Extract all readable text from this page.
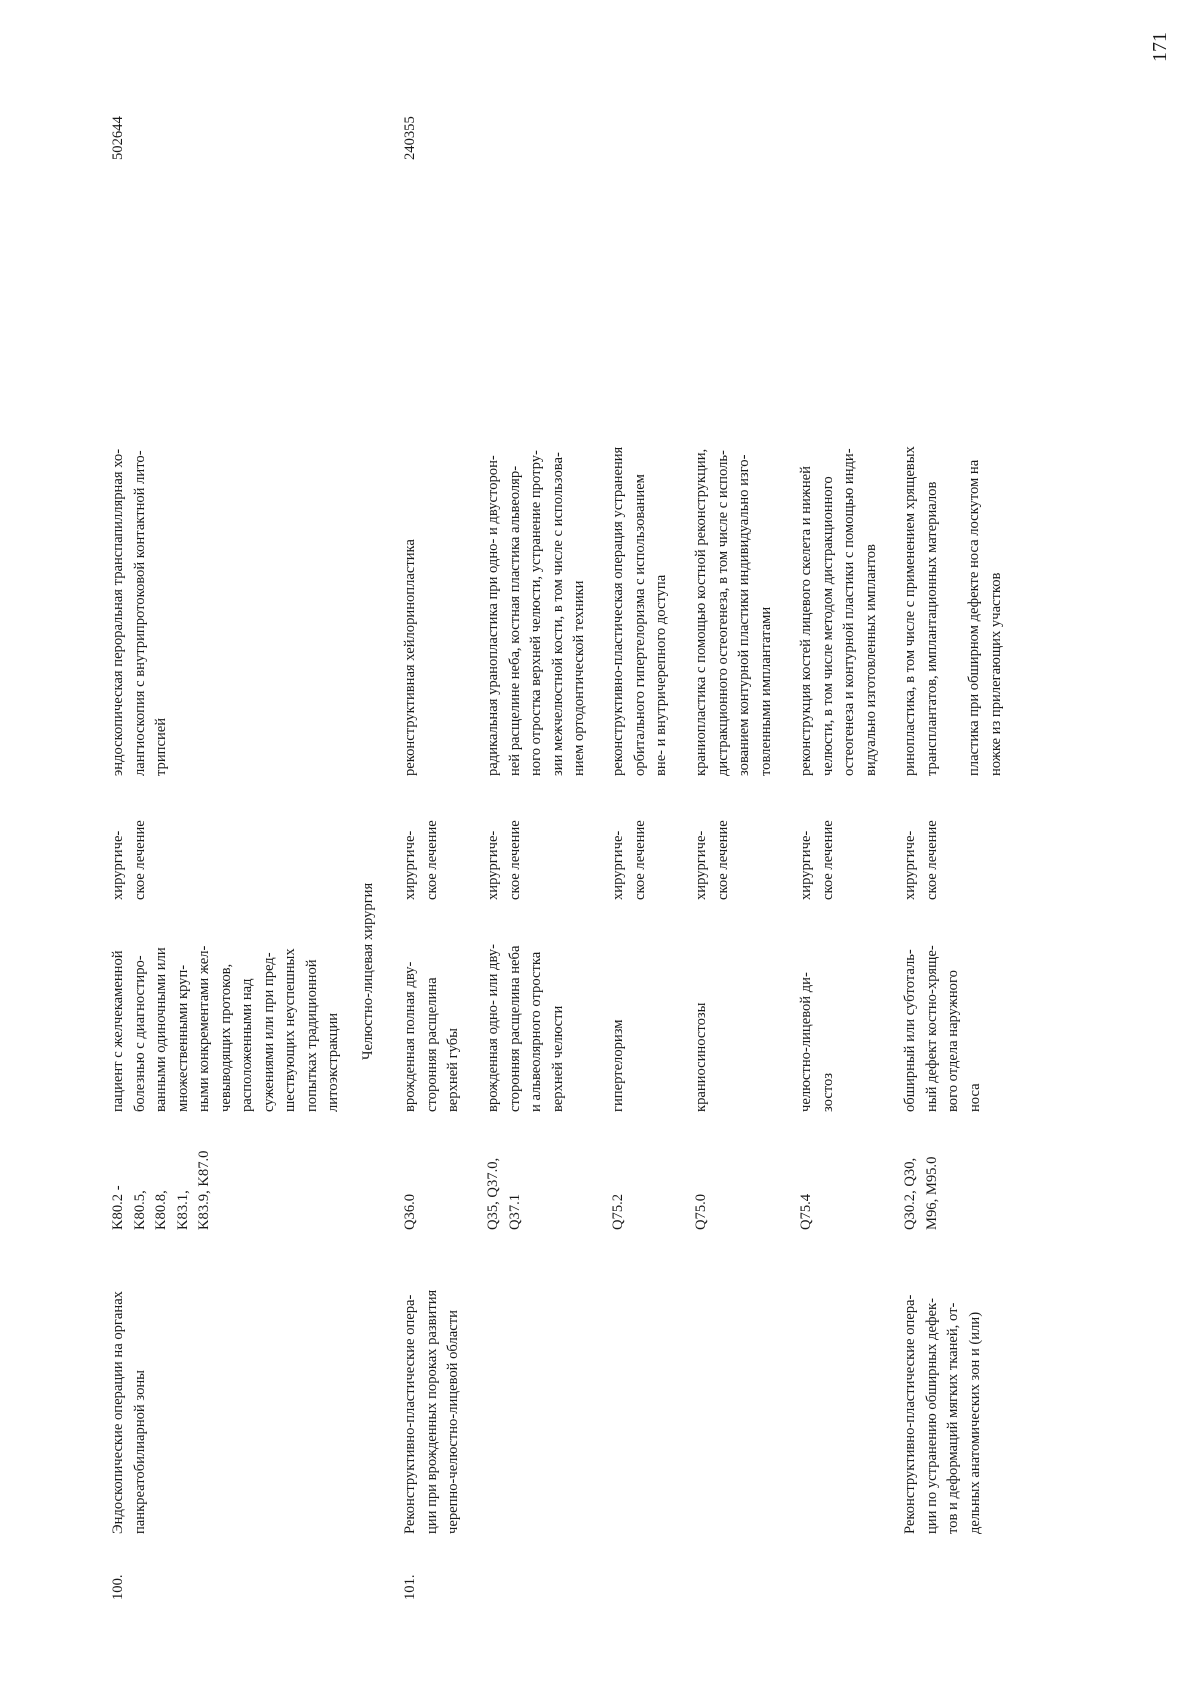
171
100.
Эндоскопические операции на органах панкреатобилиарной зоны
K80.2 - K80.5, K80.8, K83.1, K83.9, K87.0
пациент с желчекаменной болезнью с диагностиро- ванными одиночными или множественными круп- ными конкрементами жел- чевыводящих протоков, расположенными над сужениями или при пред- шествующих неуспешных попытках традиционной литоэкстракции
хирургиче- ское лечение
эндоскопическая пероральная транспапиллярная хо- лангиоскопия с внутрипротоковой контактной лито- трипсией
502644
Челюстно-лицевая хирургия
101.
Реконструктивно-пластические опера- ции при врожденных пороках развития черепно-челюстно-лицевой области
Q36.0
врожденная полная дву- сторонняя расщелина верхней губы
хирургиче- ское лечение
реконструктивная хейлоринопластика
240355
Q35, Q37.0, Q37.1
врожденная одно- или дву- сторонняя расщелина неба и альвеолярного отростка верхней челюсти
хирургиче- ское лечение
радикальная уранопластика при одно- и двусторон- ней расщелине неба, костная пластика альвеоляр- ного отростка верхней челюсти, устранение протру- зии межчелюстной кости, в том числе с использова- нием ортодонтической техники
Q75.2
гипертелоризм
хирургиче- ское лечение
реконструктивно-пластическая операция устранения орбитального гипертелоризма с использованием вне- и внутричерепного доступа
Q75.0
краниосиностозы
хирургиче- ское лечение
краниопластика с помощью костной реконструкции, дистракционного остеогенеза, в том числе с исполь- зованием контурной пластики индивидуально изго- товленными имплантатами
Q75.4
челюстно-лицевой ди- зостоз
хирургиче- ское лечение
реконструкция костей лицевого скелета и нижней челюсти, в том числе методом дистракционного остеогенеза и контурной пластики с помощью инди- видуально изготовленных имплантов
Реконструктивно-пластические опера- ции по устранению обширных дефек- тов и деформаций мягких тканей, от- дельных анатомических зон и (или)
Q30.2, Q30, M96, M95.0
обширный или субтоталь- ный дефект костно-хряще- вого отдела наружного носа
хирургиче- ское лечение
ринопластика, в том числе с применением хрящевых трансплантатов, имплантационных материалов пластика при обширном дефекте носа лоскутом на ножке из прилегающих участков
